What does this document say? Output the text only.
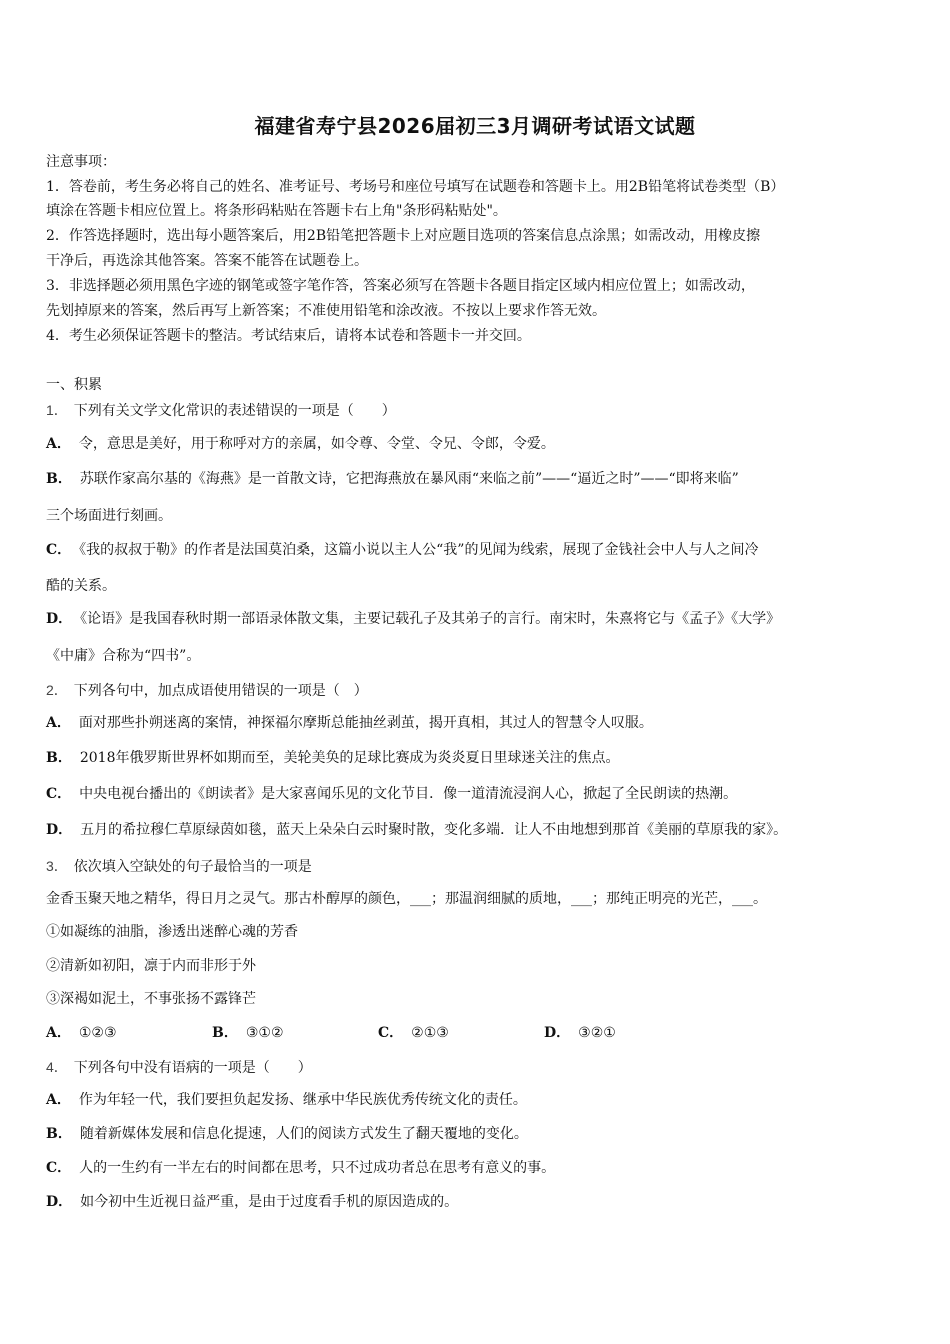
福建省寿宁县2026届初三3月调研考试语文试题
注意事项：
1．答卷前，考生务必将自己的姓名、准考证号、考场号和座位号填写在试题卷和答题卡上。用2B铅笔将试卷类型（B）
填涂在答题卡相应位置上。将条形码粘贴在答题卡右上角"条形码粘贴处"。
2．作答选择题时，选出每小题答案后，用2B铅笔把答题卡上对应题目选项的答案信息点涂黑；如需改动，用橡皮擦
干净后，再选涂其他答案。答案不能答在试题卷上。
3．非选择题必须用黑色字迹的钢笔或签字笔作答，答案必须写在答题卡各题目指定区域内相应位置上；如需改动，
先划掉原来的答案，然后再写上新答案；不准使用铅笔和涂改液。不按以上要求作答无效。
4．考生必须保证答题卡的整洁。考试结束后，请将本试卷和答题卡一并交回。
一、积累
1． 下列有关文学文化常识的表述错误的一项是（　　）
A． 令，意思是美好，用于称呼对方的亲属，如令尊、令堂、令兄、令郎，令爱。
B． 苏联作家高尔基的《海燕》是一首散文诗，它把海燕放在暴风雨“来临之前”——“逼近之时”——“即将来临”
三个场面进行刻画。
C． 《我的叔叔于勒》的作者是法国莫泊桑，这篇小说以主人公“我”的见闻为线索，展现了金钱社会中人与人之间冷
酷的关系。
D． 《论语》是我国春秋时期一部语录体散文集，主要记载孔子及其弟子的言行。南宋时，朱熹将它与《孟子》《大学》
《中庸》合称为“四书”。
2． 下列各句中，加点成语使用错误的一项是（　）
A． 面对那些扑朔迷离的案情，神探福尔摩斯总能抽丝剥茧，揭开真相，其过人的智慧令人叹服。
B． 2018年俄罗斯世界杯如期而至，美轮美奂的足球比赛成为炎炎夏日里球迷关注的焦点。
C． 中央电视台播出的《朗读者》是大家喜闻乐见的文化节目．像一道清流浸润人心，掀起了全民朗读的热潮。
D． 五月的希拉穆仁草原绿茵如毯，蓝天上朵朵白云时聚时散，变化多端．让人不由地想到那首《美丽的草原我的家》。
3． 依次填入空缺处的句子最恰当的一项是
金香玉聚天地之精华，得日月之灵气。那古朴醇厚的颜色，___；那温润细腻的质地，___；那纯正明亮的光芒，___。
①如凝练的油脂，渗透出迷醉心魂的芳香
②清新如初阳，凛于内而非形于外
③深褐如泥土，不事张扬不露锋芒
A． ①②③	B． ③①②	C． ②①③	D． ③②①
4． 下列各句中没有语病的一项是（　　）
A． 作为年轻一代，我们要担负起发扬、继承中华民族优秀传统文化的责任。
B． 随着新媒体发展和信息化提速，人们的阅读方式发生了翻天覆地的变化。
C． 人的一生约有一半左右的时间都在思考，只不过成功者总在思考有意义的事。
D． 如今初中生近视日益严重，是由于过度看手机的原因造成的。
